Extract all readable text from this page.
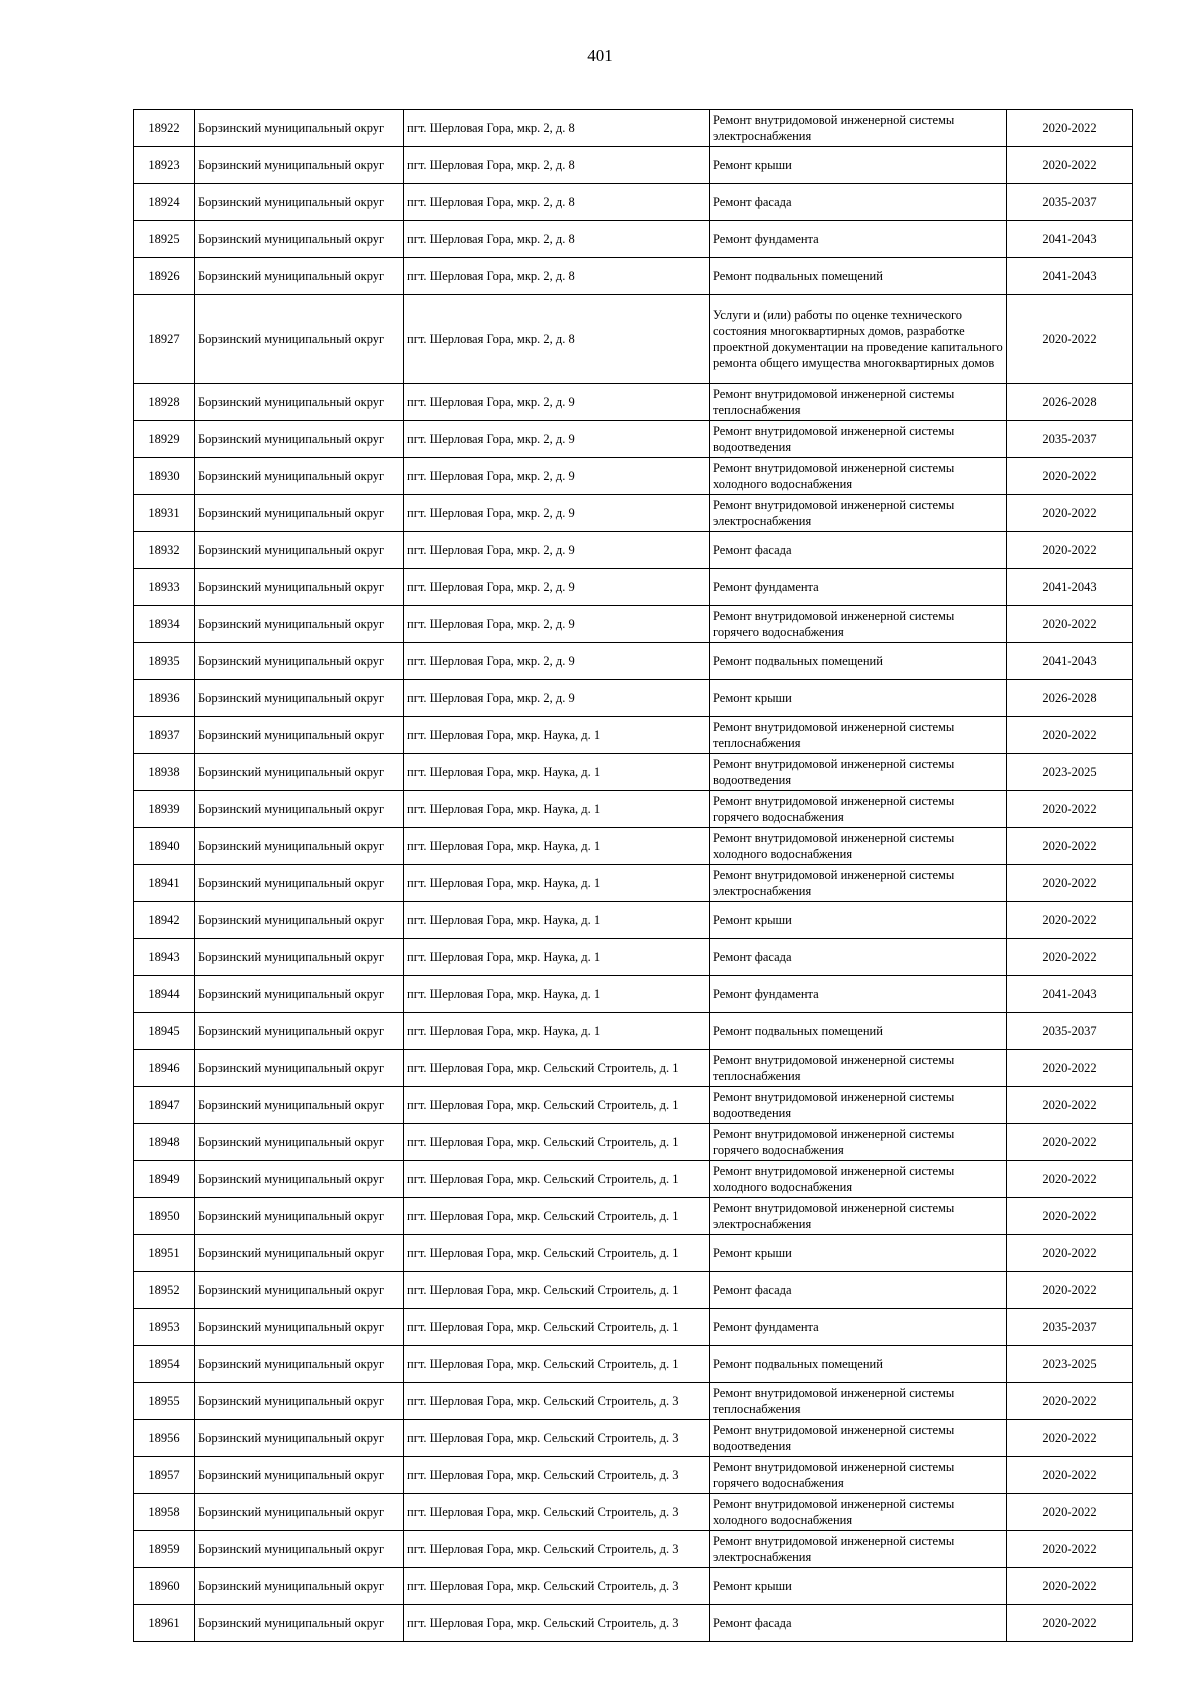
401
18922	Борзинский муниципальный округ	пгт. Шерловая Гора, мкр. 2, д. 8	Ремонт внутридомовой инженерной системы электроснабжения	2020-2022
18923	Борзинский муниципальный округ	пгт. Шерловая Гора, мкр. 2, д. 8	Ремонт крыши	2020-2022
18924	Борзинский муниципальный округ	пгт. Шерловая Гора, мкр. 2, д. 8	Ремонт фасада	2035-2037
18925	Борзинский муниципальный округ	пгт. Шерловая Гора, мкр. 2, д. 8	Ремонт фундамента	2041-2043
18926	Борзинский муниципальный округ	пгт. Шерловая Гора, мкр. 2, д. 8	Ремонт подвальных помещений	2041-2043
18927	Борзинский муниципальный округ	пгт. Шерловая Гора, мкр. 2, д. 8	Услуги и (или) работы по оценке технического состояния многоквартирных домов, разработке проектной документации на проведение капитального ремонта общего имущества многоквартирных домов	2020-2022
18928	Борзинский муниципальный округ	пгт. Шерловая Гора, мкр. 2, д. 9	Ремонт внутридомовой инженерной системы теплоснабжения	2026-2028
18929	Борзинский муниципальный округ	пгт. Шерловая Гора, мкр. 2, д. 9	Ремонт внутридомовой инженерной системы водоотведения	2035-2037
18930	Борзинский муниципальный округ	пгт. Шерловая Гора, мкр. 2, д. 9	Ремонт внутридомовой инженерной системы холодного водоснабжения	2020-2022
18931	Борзинский муниципальный округ	пгт. Шерловая Гора, мкр. 2, д. 9	Ремонт внутридомовой инженерной системы электроснабжения	2020-2022
18932	Борзинский муниципальный округ	пгт. Шерловая Гора, мкр. 2, д. 9	Ремонт фасада	2020-2022
18933	Борзинский муниципальный округ	пгт. Шерловая Гора, мкр. 2, д. 9	Ремонт фундамента	2041-2043
18934	Борзинский муниципальный округ	пгт. Шерловая Гора, мкр. 2, д. 9	Ремонт внутридомовой инженерной системы горячего водоснабжения	2020-2022
18935	Борзинский муниципальный округ	пгт. Шерловая Гора, мкр. 2, д. 9	Ремонт подвальных помещений	2041-2043
18936	Борзинский муниципальный округ	пгт. Шерловая Гора, мкр. 2, д. 9	Ремонт крыши	2026-2028
18937	Борзинский муниципальный округ	пгт. Шерловая Гора, мкр. Наука, д. 1	Ремонт внутридомовой инженерной системы теплоснабжения	2020-2022
18938	Борзинский муниципальный округ	пгт. Шерловая Гора, мкр. Наука, д. 1	Ремонт внутридомовой инженерной системы водоотведения	2023-2025
18939	Борзинский муниципальный округ	пгт. Шерловая Гора, мкр. Наука, д. 1	Ремонт внутридомовой инженерной системы горячего водоснабжения	2020-2022
18940	Борзинский муниципальный округ	пгт. Шерловая Гора, мкр. Наука, д. 1	Ремонт внутридомовой инженерной системы холодного водоснабжения	2020-2022
18941	Борзинский муниципальный округ	пгт. Шерловая Гора, мкр. Наука, д. 1	Ремонт внутридомовой инженерной системы электроснабжения	2020-2022
18942	Борзинский муниципальный округ	пгт. Шерловая Гора, мкр. Наука, д. 1	Ремонт крыши	2020-2022
18943	Борзинский муниципальный округ	пгт. Шерловая Гора, мкр. Наука, д. 1	Ремонт фасада	2020-2022
18944	Борзинский муниципальный округ	пгт. Шерловая Гора, мкр. Наука, д. 1	Ремонт фундамента	2041-2043
18945	Борзинский муниципальный округ	пгт. Шерловая Гора, мкр. Наука, д. 1	Ремонт подвальных помещений	2035-2037
18946	Борзинский муниципальный округ	пгт. Шерловая Гора, мкр. Сельский Строитель, д. 1	Ремонт внутридомовой инженерной системы теплоснабжения	2020-2022
18947	Борзинский муниципальный округ	пгт. Шерловая Гора, мкр. Сельский Строитель, д. 1	Ремонт внутридомовой инженерной системы водоотведения	2020-2022
18948	Борзинский муниципальный округ	пгт. Шерловая Гора, мкр. Сельский Строитель, д. 1	Ремонт внутридомовой инженерной системы горячего водоснабжения	2020-2022
18949	Борзинский муниципальный округ	пгт. Шерловая Гора, мкр. Сельский Строитель, д. 1	Ремонт внутридомовой инженерной системы холодного водоснабжения	2020-2022
18950	Борзинский муниципальный округ	пгт. Шерловая Гора, мкр. Сельский Строитель, д. 1	Ремонт внутридомовой инженерной системы электроснабжения	2020-2022
18951	Борзинский муниципальный округ	пгт. Шерловая Гора, мкр. Сельский Строитель, д. 1	Ремонт крыши	2020-2022
18952	Борзинский муниципальный округ	пгт. Шерловая Гора, мкр. Сельский Строитель, д. 1	Ремонт фасада	2020-2022
18953	Борзинский муниципальный округ	пгт. Шерловая Гора, мкр. Сельский Строитель, д. 1	Ремонт фундамента	2035-2037
18954	Борзинский муниципальный округ	пгт. Шерловая Гора, мкр. Сельский Строитель, д. 1	Ремонт подвальных помещений	2023-2025
18955	Борзинский муниципальный округ	пгт. Шерловая Гора, мкр. Сельский Строитель, д. 3	Ремонт внутридомовой инженерной системы теплоснабжения	2020-2022
18956	Борзинский муниципальный округ	пгт. Шерловая Гора, мкр. Сельский Строитель, д. 3	Ремонт внутридомовой инженерной системы водоотведения	2020-2022
18957	Борзинский муниципальный округ	пгт. Шерловая Гора, мкр. Сельский Строитель, д. 3	Ремонт внутридомовой инженерной системы горячего водоснабжения	2020-2022
18958	Борзинский муниципальный округ	пгт. Шерловая Гора, мкр. Сельский Строитель, д. 3	Ремонт внутридомовой инженерной системы холодного водоснабжения	2020-2022
18959	Борзинский муниципальный округ	пгт. Шерловая Гора, мкр. Сельский Строитель, д. 3	Ремонт внутридомовой инженерной системы электроснабжения	2020-2022
18960	Борзинский муниципальный округ	пгт. Шерловая Гора, мкр. Сельский Строитель, д. 3	Ремонт крыши	2020-2022
18961	Борзинский муниципальный округ	пгт. Шерловая Гора, мкр. Сельский Строитель, д. 3	Ремонт фасада	2020-2022
